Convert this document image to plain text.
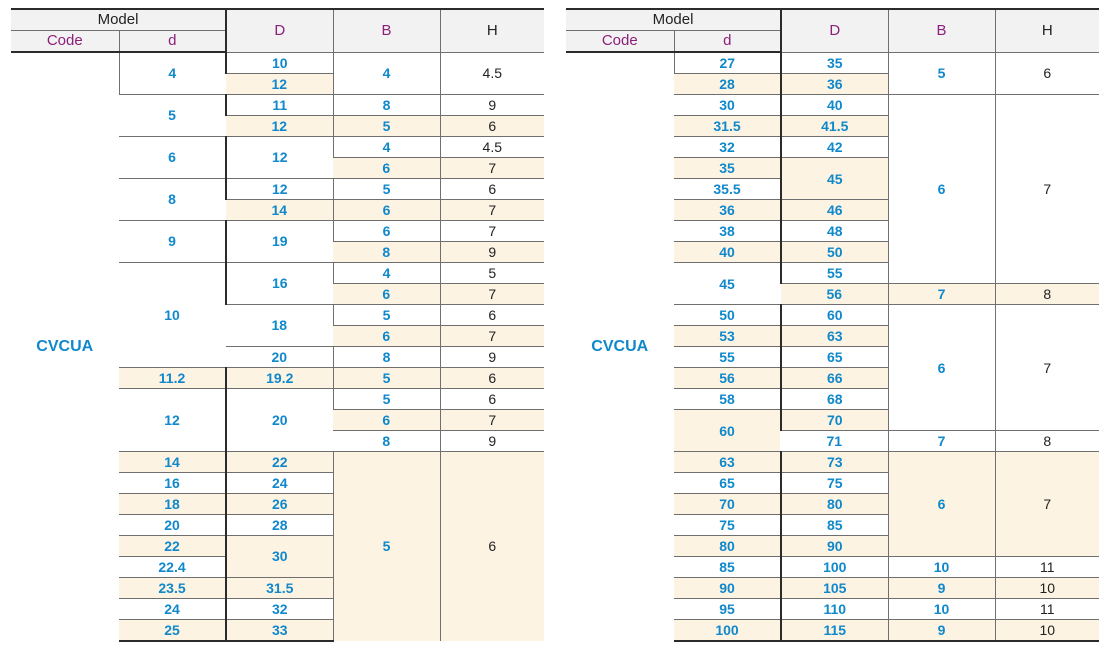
Model		D	B	H
Code	d			
CVCUA	4	10	4	4.5
		12		
	5	11	8	9
		12	5	6
	6	12	4	4.5
			6	7
	8	12	5	6
		14	6	7
	9	19	6	7
			8	9
	10	16	4	5
			6	7
		18	5	6
			6	7
		20	8	9
	11.2	19.2	5	6
	12	20	5	6
			6	7
			8	9
	14	22	5	6
	16	24		
	18	26		
	20	28		
	22	30		
	22.4			
	23.5	31.5		
	24	32		
	25	33		
Model		D	B	H
Code	d			
CVCUA	27	35	5	6
	28	36		
	30	40	6	7
	31.5	41.5		
	32	42		
	35	45		
	35.5			
	36	46		
	38	48		
	40	50		
	45	55		
		56	7	8
	50	60	6	7
	53	63		
	55	65		
	56	66		
	58	68		
	60	70		
		71	7	8
	63	73	6	7
	65	75		
	70	80		
	75	85		
	80	90		
	85	100	10	11
	90	105	9	10
	95	110	10	11
	100	115	9	10
